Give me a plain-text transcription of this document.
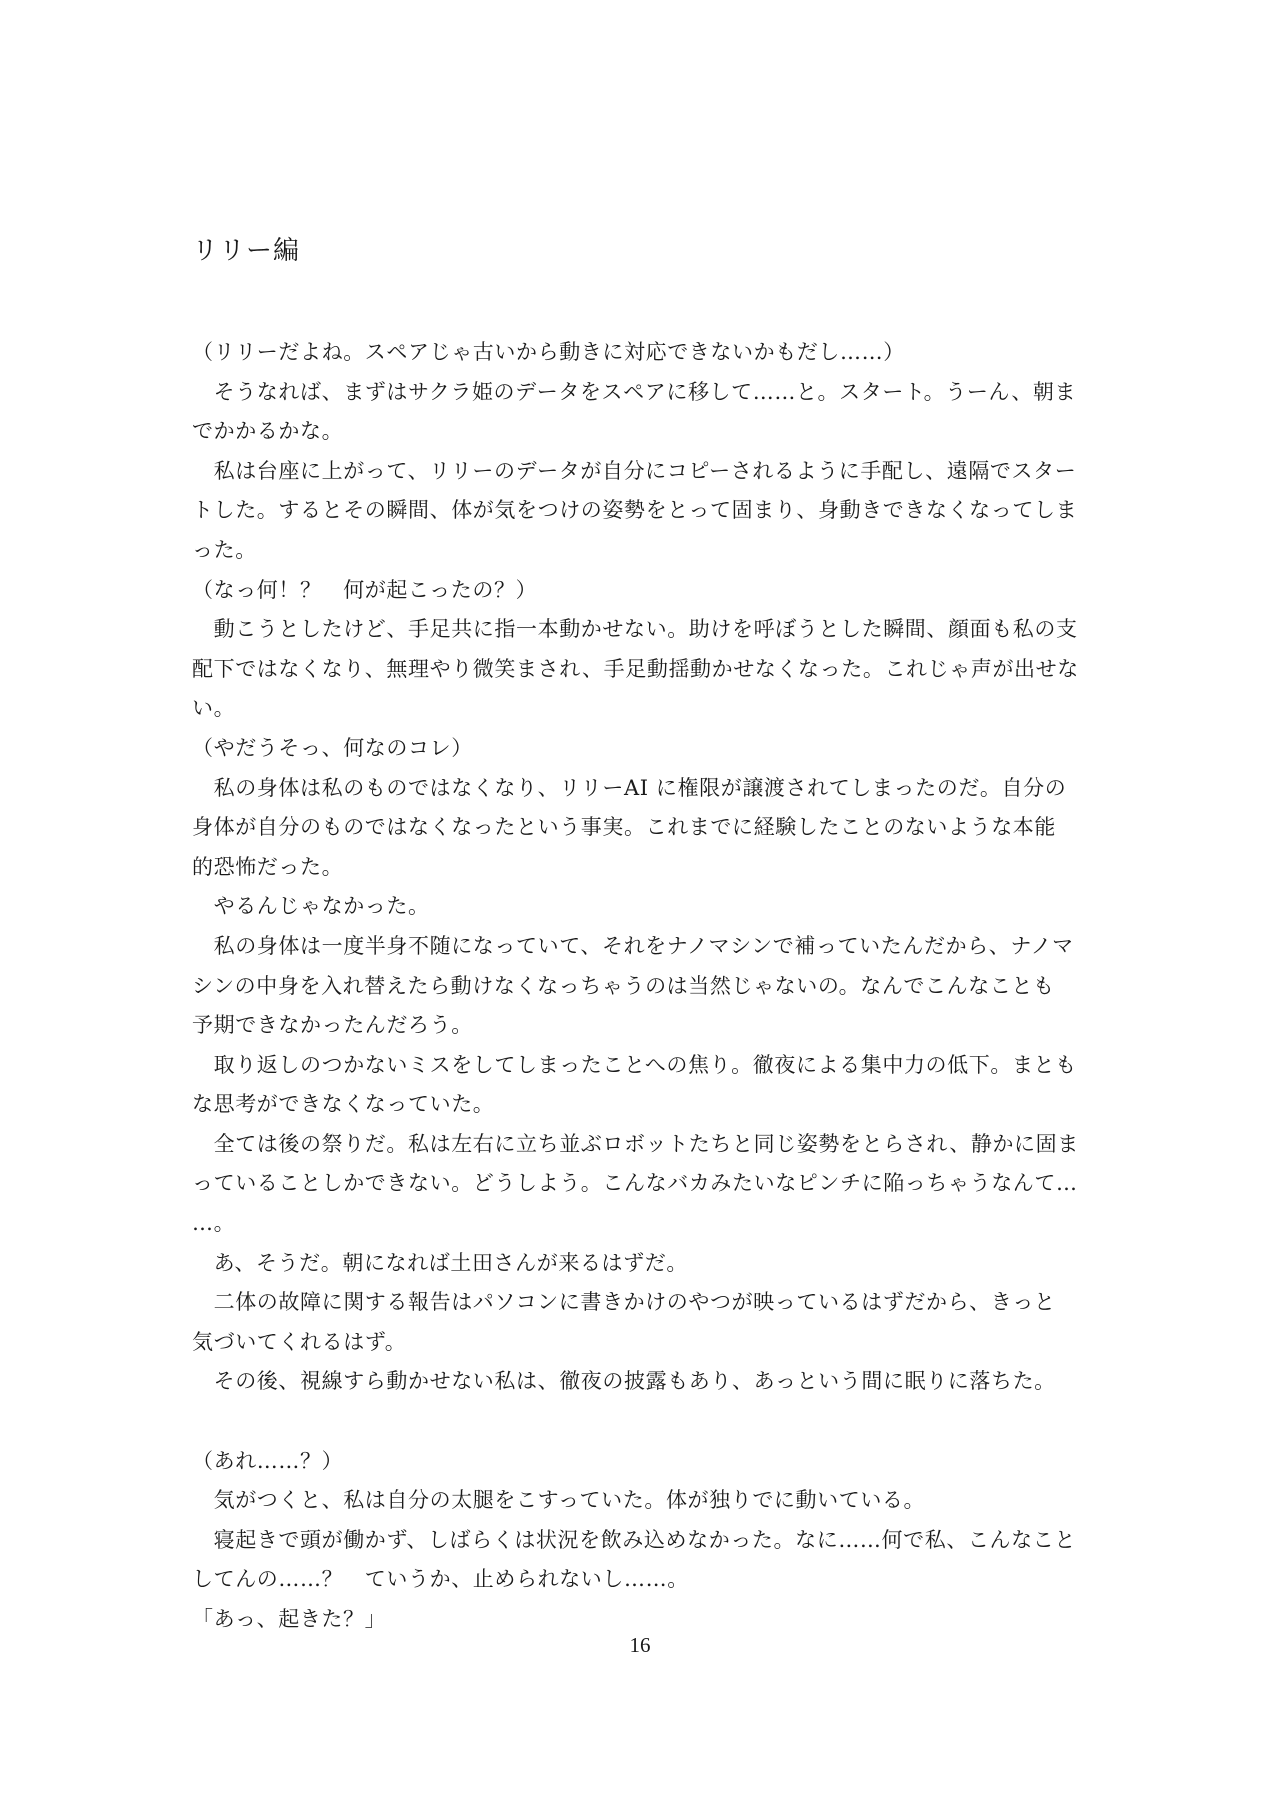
リリー編
（リリーだよね。スペアじゃ古いから動きに対応できないかもだし……）
　そうなれば、まずはサクラ姫のデータをスペアに移して……と。スタート。うーん、朝ま
でかかるかな。
　私は台座に上がって、リリーのデータが自分にコピーされるように手配し、遠隔でスター
トした。するとその瞬間、体が気をつけの姿勢をとって固まり、身動きできなくなってしま
った。
（なっ何！？　何が起こったの？）
　動こうとしたけど、手足共に指一本動かせない。助けを呼ぼうとした瞬間、顔面も私の支
配下ではなくなり、無理やり微笑まされ、手足動揺動かせなくなった。これじゃ声が出せな
い。
（やだうそっ、何なのコレ）
　私の身体は私のものではなくなり、リリーAI に権限が譲渡されてしまったのだ。自分の
身体が自分のものではなくなったという事実。これまでに経験したことのないような本能
的恐怖だった。
　やるんじゃなかった。
　私の身体は一度半身不随になっていて、それをナノマシンで補っていたんだから、ナノマ
シンの中身を入れ替えたら動けなくなっちゃうのは当然じゃないの。なんでこんなことも
予期できなかったんだろう。
　取り返しのつかないミスをしてしまったことへの焦り。徹夜による集中力の低下。まとも
な思考ができなくなっていた。
　全ては後の祭りだ。私は左右に立ち並ぶロボットたちと同じ姿勢をとらされ、静かに固ま
っていることしかできない。どうしよう。こんなバカみたいなピンチに陥っちゃうなんて…
…。
　あ、そうだ。朝になれば土田さんが来るはずだ。
　二体の故障に関する報告はパソコンに書きかけのやつが映っているはずだから、きっと
気づいてくれるはず。
　その後、視線すら動かせない私は、徹夜の披露もあり、あっという間に眠りに落ちた。
（あれ……？）
　気がつくと、私は自分の太腿をこすっていた。体が独りでに動いている。
　寝起きで頭が働かず、しばらくは状況を飲み込めなかった。なに……何で私、こんなこと
してんの……？　ていうか、止められないし……。
「あっ、起きた？」
16
